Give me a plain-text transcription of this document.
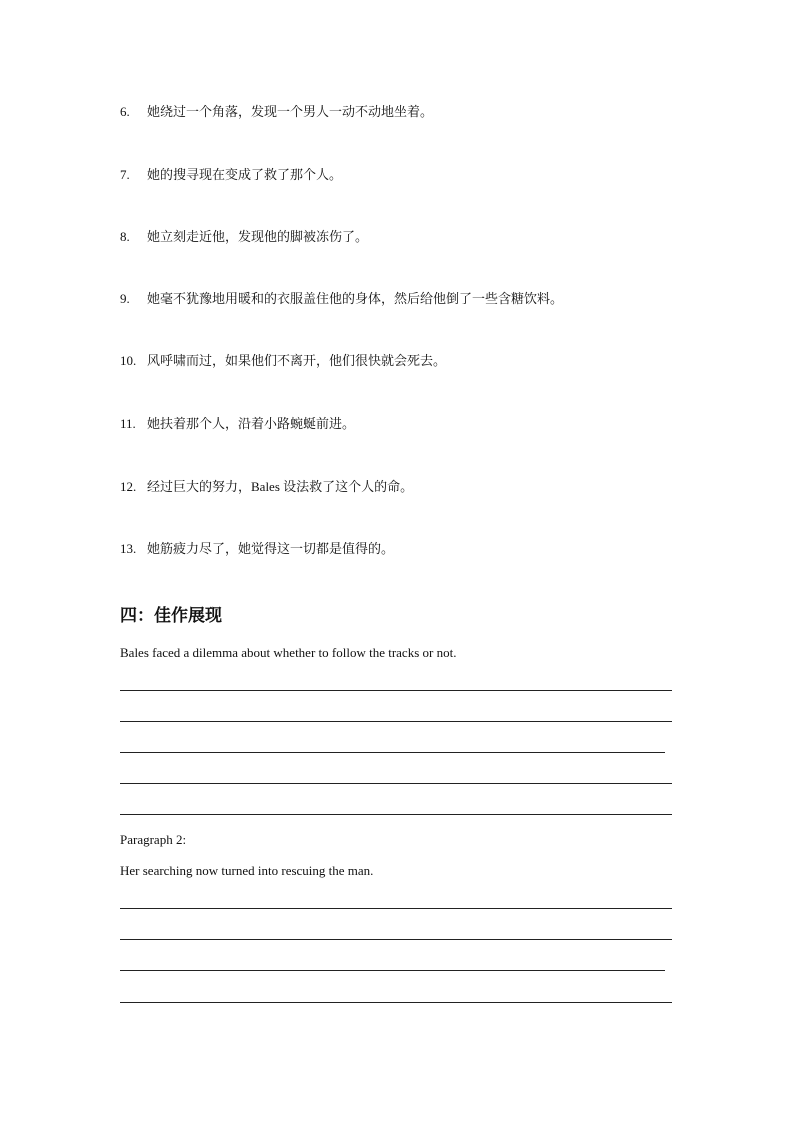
6. 她绕过一个角落，发现一个男人一动不动地坐着。
7. 她的搜寻现在变成了救了那个人。
8. 她立刻走近他，发现他的脚被冻伤了。
9. 她毫不犹豫地用暖和的衣服盖住他的身体，然后给他倒了一些含糖饮料。
10. 风呼啸而过，如果他们不离开，他们很快就会死去。
11. 她扶着那个人，沿着小路蜿蜒前进。
12. 经过巨大的努力，Bales 设法救了这个人的命。
13. 她筋疲力尽了，她觉得这一切都是值得的。
四：佳作展现
Bales faced a dilemma about whether to follow the tracks or not.
Paragraph 2:
Her searching now turned into rescuing the man.
